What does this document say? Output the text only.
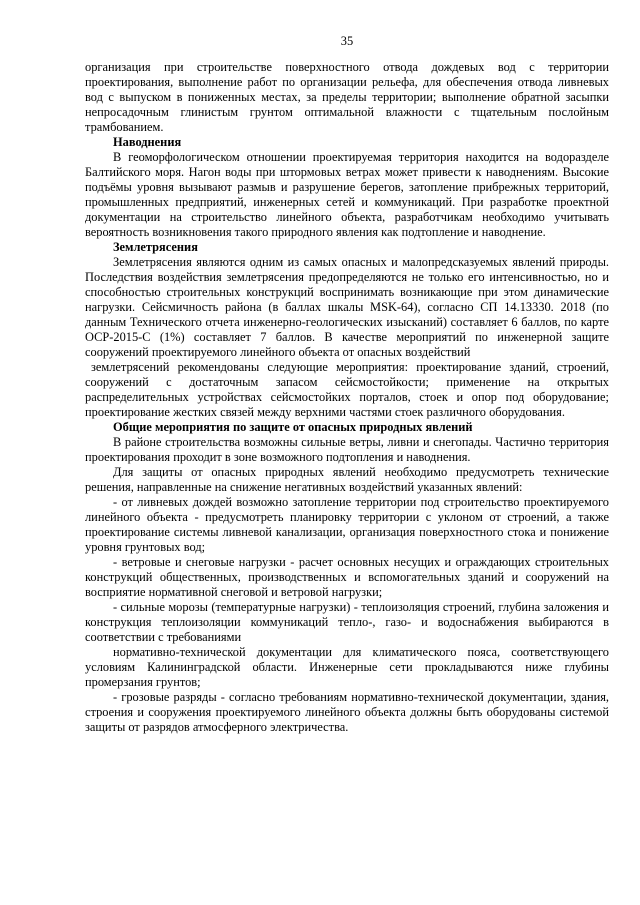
35

организация при строительстве поверхностного отвода дождевых вод с территории проектирования, выполнение работ по организации рельефа, для обеспечения отвода ливневых вод с выпуском в пониженных местах, за пределы территории; выполнение обратной засыпки непросадочным глинистым грунтом оптимальной влажности с тщательным послойным трамбованием.

Наводнения

В геоморфологическом отношении проектируемая территория находится на водоразделе Балтийского моря. Нагон воды при штормовых ветрах может привести к наводнениям. Высокие подъёмы уровня вызывают размыв и разрушение берегов, затопление прибрежных территорий, промышленных предприятий, инженерных сетей и коммуникаций. При разработке проектной документации на строительство линейного объекта, разработчикам необходимо учитывать вероятность возникновения такого природного явления как подтопление и наводнение.

Землетрясения

Землетрясения являются одним из самых опасных и малопредсказуемых явлений природы. Последствия воздействия землетрясения предопределяются не только его интенсивностью, но и способностью строительных конструкций воспринимать возникающие при этом динамические нагрузки. Сейсмичность района (в баллах шкалы MSK-64), согласно СП 14.13330. 2018 (по данным Технического отчета инженерно-геологических изысканий) составляет 6 баллов, по карте ОСР-2015-С (1%) составляет 7 баллов. В качестве мероприятий по инженерной защите сооружений проектируемого линейного объекта от опасных воздействий

землетрясений рекомендованы следующие мероприятия: проектирование зданий, строений, сооружений с достаточным запасом сейсмостойкости; применение на открытых распределительных устройствах сейсмостойких порталов, стоек и опор под оборудование; проектирование жестких связей между верхними частями стоек различного оборудования.

Общие мероприятия по защите от опасных природных явлений

В районе строительства возможны сильные ветры, ливни и снегопады. Частично территория проектирования проходит в зоне возможного подтопления и наводнения.

Для защиты от опасных природных явлений необходимо предусмотреть технические решения, направленные на снижение негативных воздействий указанных явлений:

- от ливневых дождей возможно затопление территории под строительство проектируемого линейного объекта - предусмотреть планировку территории с уклоном от строений, а также проектирование системы ливневой канализации, организация поверхностного стока и понижение уровня грунтовых вод;

- ветровые и снеговые нагрузки - расчет основных несущих и ограждающих строительных конструкций общественных, производственных и вспомогательных зданий и сооружений на восприятие нормативной снеговой и ветровой нагрузки;

- сильные морозы (температурные нагрузки) - теплоизоляция строений, глубина заложения и конструкция теплоизоляции коммуникаций тепло-, газо- и водоснабжения выбираются в соответствии с требованиями

нормативно-технической документации для климатического пояса, соответствующего условиям Калининградской области. Инженерные сети прокладываются ниже глубины промерзания грунтов;

- грозовые разряды - согласно требованиям нормативно-технической документации, здания, строения и сооружения проектируемого линейного объекта должны быть оборудованы системой защиты от разрядов атмосферного электричества.
